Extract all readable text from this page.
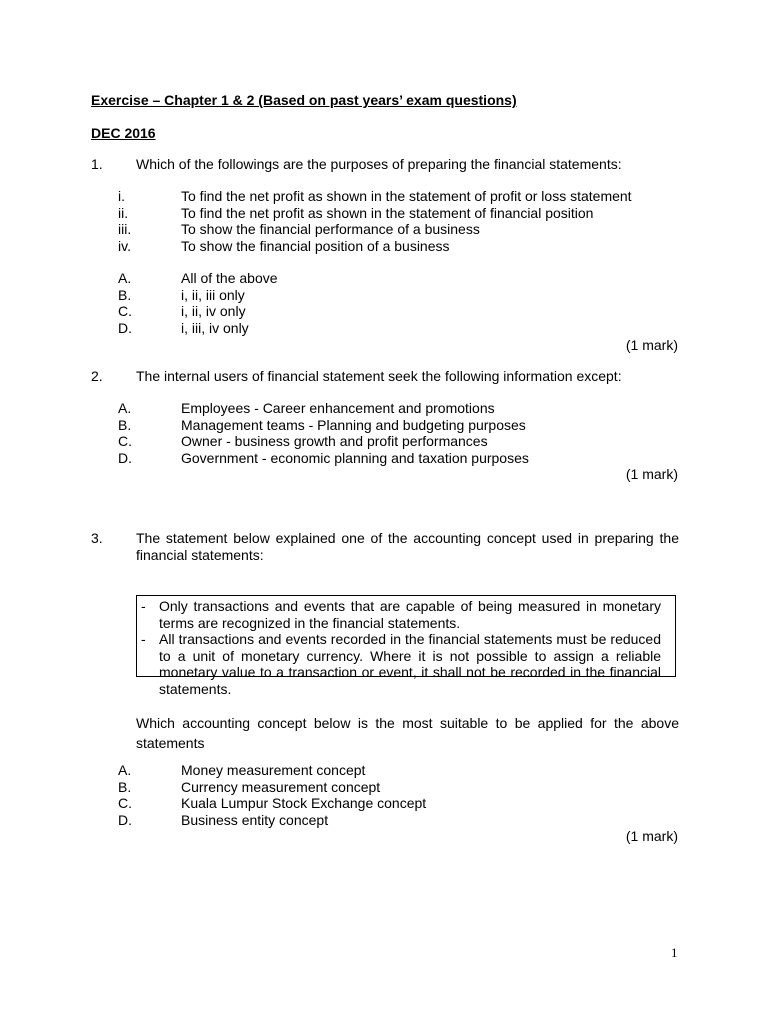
Exercise – Chapter 1 & 2 (Based on past years’ exam questions)
DEC 2016
1. Which of the followings are the purposes of preparing the financial statements:
i.	To find the net profit as shown in the statement of profit or loss statement
ii.	To find the net profit as shown in the statement of financial position
iii.	To show the financial performance of a business
iv.	To show the financial position of a business
A.	All of the above
B.	i, ii, iii only
C.	i, ii, iv only
D.	i, iii, iv only
(1 mark)
2. The internal users of financial statement seek the following information except:
A.	Employees - Career enhancement and promotions
B.	Management teams - Planning and budgeting purposes
C.	Owner - business growth and profit performances
D.	Government - economic planning and taxation purposes
(1 mark)
3. The statement below explained one of the accounting concept used in preparing the financial statements:
- Only transactions and events that are capable of being measured in monetary terms are recognized in the financial statements.
- All transactions and events recorded in the financial statements must be reduced to a unit of monetary currency. Where it is not possible to assign a reliable monetary value to a transaction or event, it shall not be recorded in the financial statements.
Which accounting concept below is the most suitable to be applied for the above statements
A.	Money measurement concept
B.	Currency measurement concept
C.	Kuala Lumpur Stock Exchange concept
D.	Business entity concept
(1 mark)
1
